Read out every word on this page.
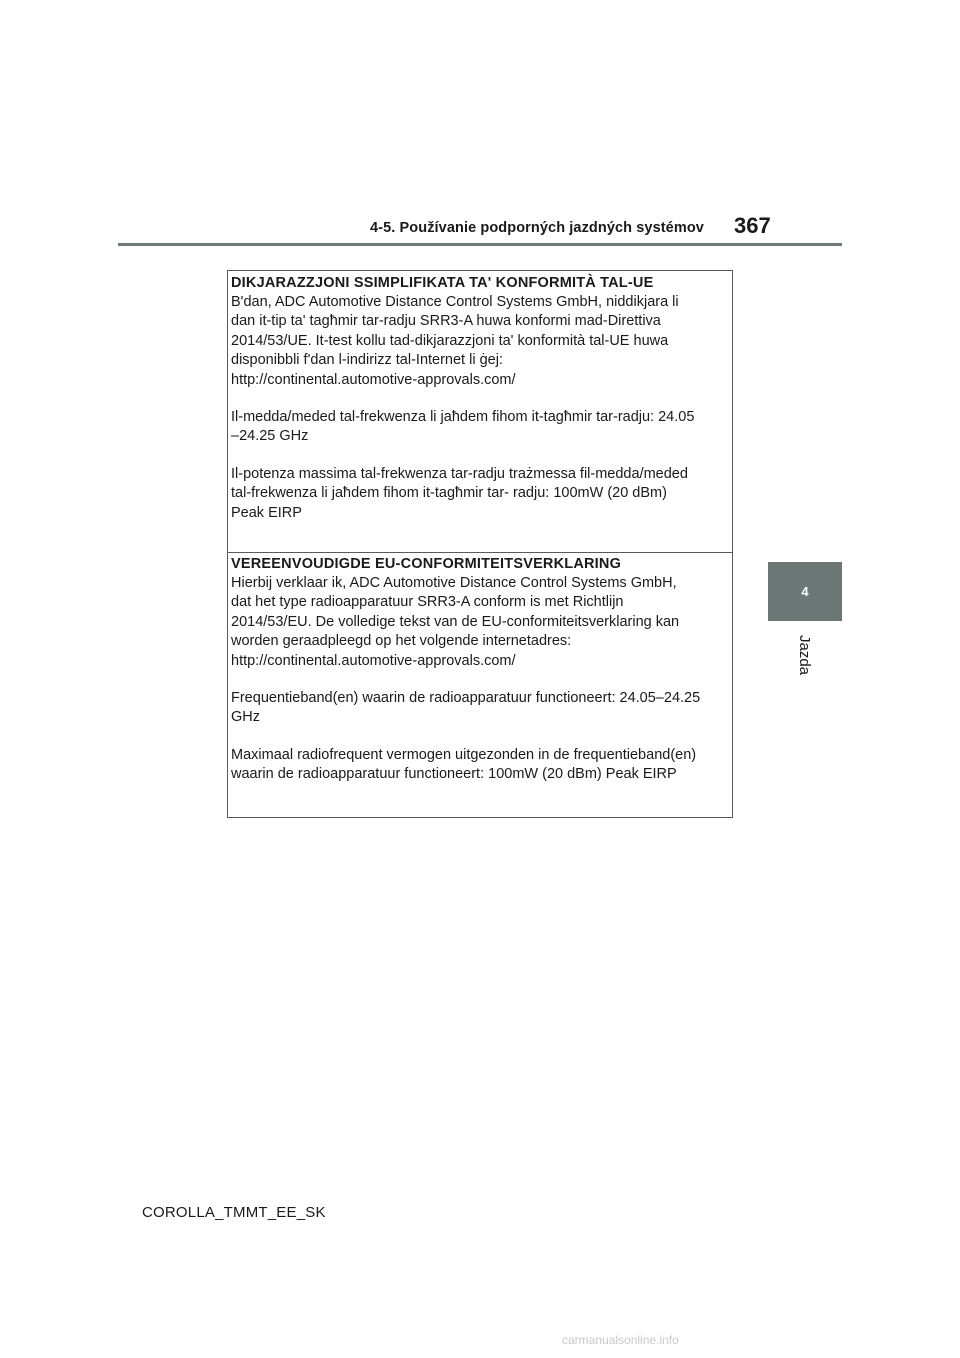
4-5. Používanie podporných jazdných systémov 367
4
Jazda
DIKJARAZZJONI SSIMPLIFIKATA TA' KONFORMITÀ TAL-UE
B'dan, ADC Automotive Distance Control Systems GmbH, niddikjara li
dan it-tip ta' tagħmir tar-radju SRR3-A huwa konformi mad-Direttiva
2014/53/UE. It-test kollu tad-dikjarazzjoni ta' konformità tal-UE huwa
disponibbli f'dan l-indirizz tal-Internet li ġej:
http://continental.automotive-approvals.com/
Il-medda/meded tal-frekwenza li jaħdem fihom it-tagħmir tar-radju: 24.05
–24.25 GHz
Il-potenza massima tal-frekwenza tar-radju trażmessa fil-medda/meded
tal-frekwenza li jaħdem fihom it-tagħmir tar- radju: 100mW (20 dBm)
Peak EIRP
VEREENVOUDIGDE EU-CONFORMITEITSVERKLARING
Hierbij verklaar ik, ADC Automotive Distance Control Systems GmbH,
dat het type radioapparatuur SRR3-A conform is met Richtlijn
2014/53/EU. De volledige tekst van de EU-conformiteitsverklaring kan
worden geraadpleegd op het volgende internetadres:
http://continental.automotive-approvals.com/
Frequentieband(en) waarin de radioapparatuur functioneert: 24.05–24.25
GHz
Maximaal radiofrequent vermogen uitgezonden in de frequentieband(en)
waarin de radioapparatuur functioneert: 100mW (20 dBm) Peak EIRP
COROLLA_TMMT_EE_SK
carmanualsonline.info
